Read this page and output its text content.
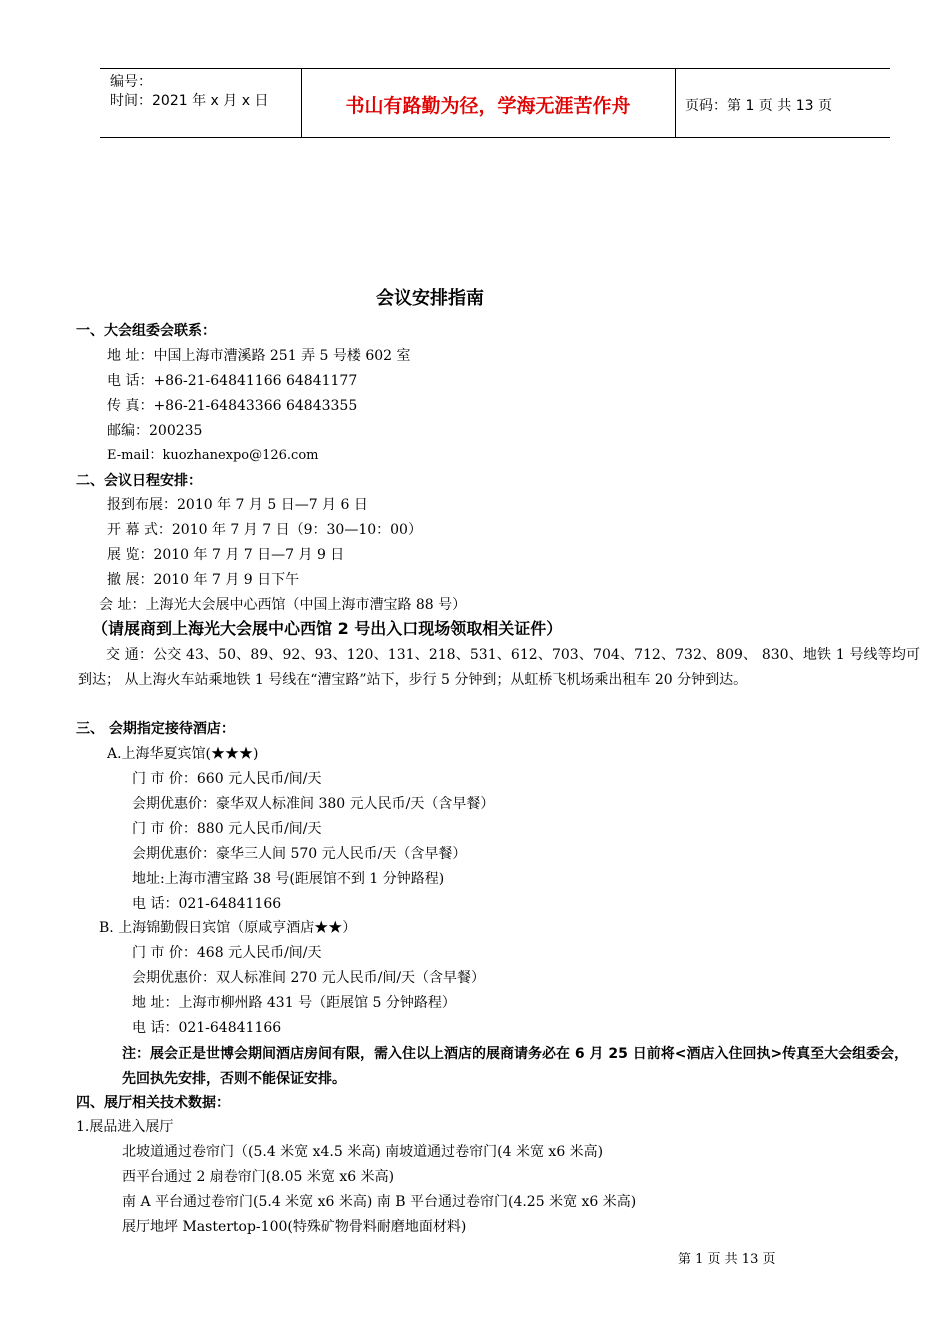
编号：
时间：2021 年 x 月 x 日	书山有路勤为径，学海无涯苦作舟	页码：第 1 页 共 13 页
会议安排指南
一、大会组委会联系：
地 址：中国上海市漕溪路 251 弄 5 号楼 602 室
电 话：+86-21-64841166 64841177
传 真：+86-21-64843366 64843355
邮编：200235
E-mail：kuozhanexpo@126.com
二、会议日程安排：
报到布展：2010 年 7 月 5 日—7 月 6 日
开 幕 式：2010 年 7 月 7 日（9：30—10：00）
展 览：2010 年 7 月 7 日—7 月 9 日
撤 展：2010 年 7 月 9 日下午
会 址：上海光大会展中心西馆（中国上海市漕宝路 88 号）
（请展商到上海光大会展中心西馆 2 号出入口现场领取相关证件）
交 通：公交 43、50、89、92、93、120、131、218、531、612、703、704、712、732、809、 830、地铁 1 号线等均可到达； 从上海火车站乘地铁 1 号线在“漕宝路”站下，步行 5 分钟到；从虹桥飞机场乘出租车 20 分钟到达。
三、 会期指定接待酒店：
A.上海华夏宾馆(★★★)
门 市 价：660 元人民币/间/天
会期优惠价：豪华双人标准间 380 元人民币/天（含早餐）
门 市 价：880 元人民币/间/天
会期优惠价：豪华三人间 570 元人民币/天（含早餐）
地址:上海市漕宝路 38 号(距展馆不到 1 分钟路程)
电 话：021-64841166
B. 上海锦勤假日宾馆（原咸亨酒店★★）
门 市 价：468 元人民币/间/天
会期优惠价：双人标准间 270 元人民币/间/天（含早餐）
地 址：上海市柳州路 431 号（距展馆 5 分钟路程）
电 话：021-64841166
注：展会正是世博会期间酒店房间有限，需入住以上酒店的展商请务必在 6 月 25 日前将<酒店入住回执>传真至大会组委会，先回执先安排，否则不能保证安排。
四、展厅相关技术数据：
1.展品进入展厅
北坡道通过卷帘门（(5.4 米宽 x4.5 米高) 南坡道通过卷帘门(4 米宽 x6 米高)
西平台通过 2 扇卷帘门(8.05 米宽 x6 米高)
南 A 平台通过卷帘门(5.4 米宽 x6 米高) 南 B 平台通过卷帘门(4.25 米宽 x6 米高)
展厅地坪 Mastertop-100(特殊矿物骨料耐磨地面材料)
第 1 页 共 13 页
